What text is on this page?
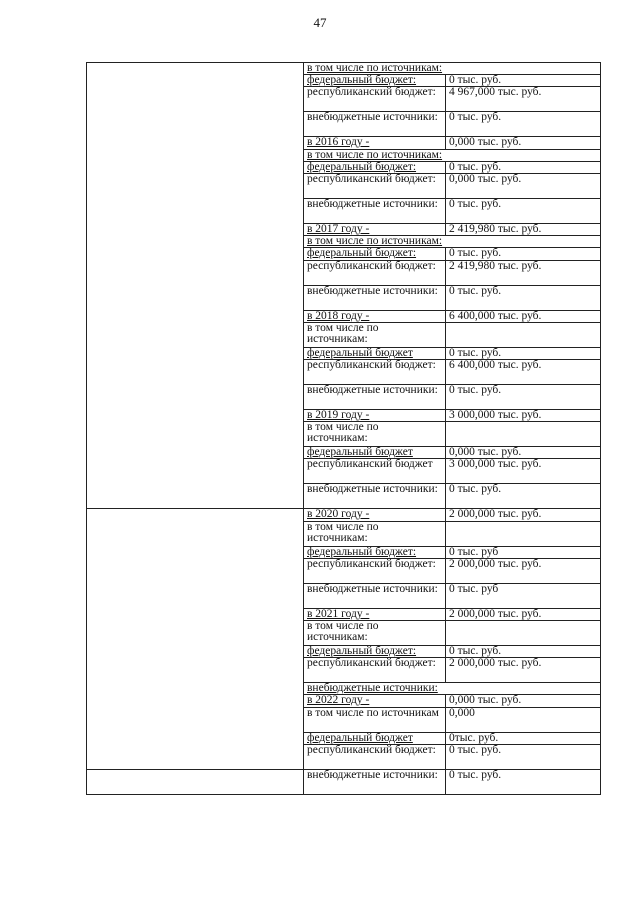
47
	в том числе по источникам:	
	федеральный бюджет:	0 тыс. руб.
	республиканский бюджет:	4 967,000 тыс. руб.
	внебюджетные источники:	0 тыс. руб.
	в 2016 году -	0,000 тыс. руб.
	в том числе по источникам:	
	федеральный бюджет:	0 тыс. руб.
	республиканский бюджет:	0,000 тыс. руб.
	внебюджетные источники:	0 тыс. руб.
	в 2017 году -	2 419,980 тыс. руб.
	в том числе по источникам:	
	федеральный бюджет:	0 тыс. руб.
	республиканский бюджет:	2 419,980 тыс. руб.
	внебюджетные источники:	0 тыс. руб.
	в 2018 году -	6 400,000 тыс. руб.
	в том числе по источникам:	
	федеральный бюджет	0 тыс. руб.
	республиканский бюджет:	6 400,000 тыс. руб.
	внебюджетные источники:	0 тыс. руб.
	в 2019 году -	3 000,000 тыс. руб.
	в том числе по источникам:	
	федеральный бюджет	0,000 тыс. руб.
	республиканский бюджет	3 000,000 тыс. руб.
	внебюджетные источники:	0 тыс. руб.
	в 2020 году -	2 000,000 тыс. руб.
	в том числе по источникам:	
	федеральный бюджет:	0 тыс. руб
	республиканский бюджет:	2 000,000 тыс. руб.
	внебюджетные источники:	0 тыс. руб
	в 2021 году -	2 000,000 тыс. руб.
	в том числе по источникам:	
	федеральный бюджет:	0 тыс. руб.
	республиканский бюджет:	2 000,000 тыс. руб.
	внебюджетные источники:	
	в 2022 году -	0,000 тыс. руб.
	в том числе по источникам	0,000
	федеральный бюджет	0тыс. руб.
	республиканский бюджет:	0 тыс. руб.
	внебюджетные источники:	0 тыс. руб.
